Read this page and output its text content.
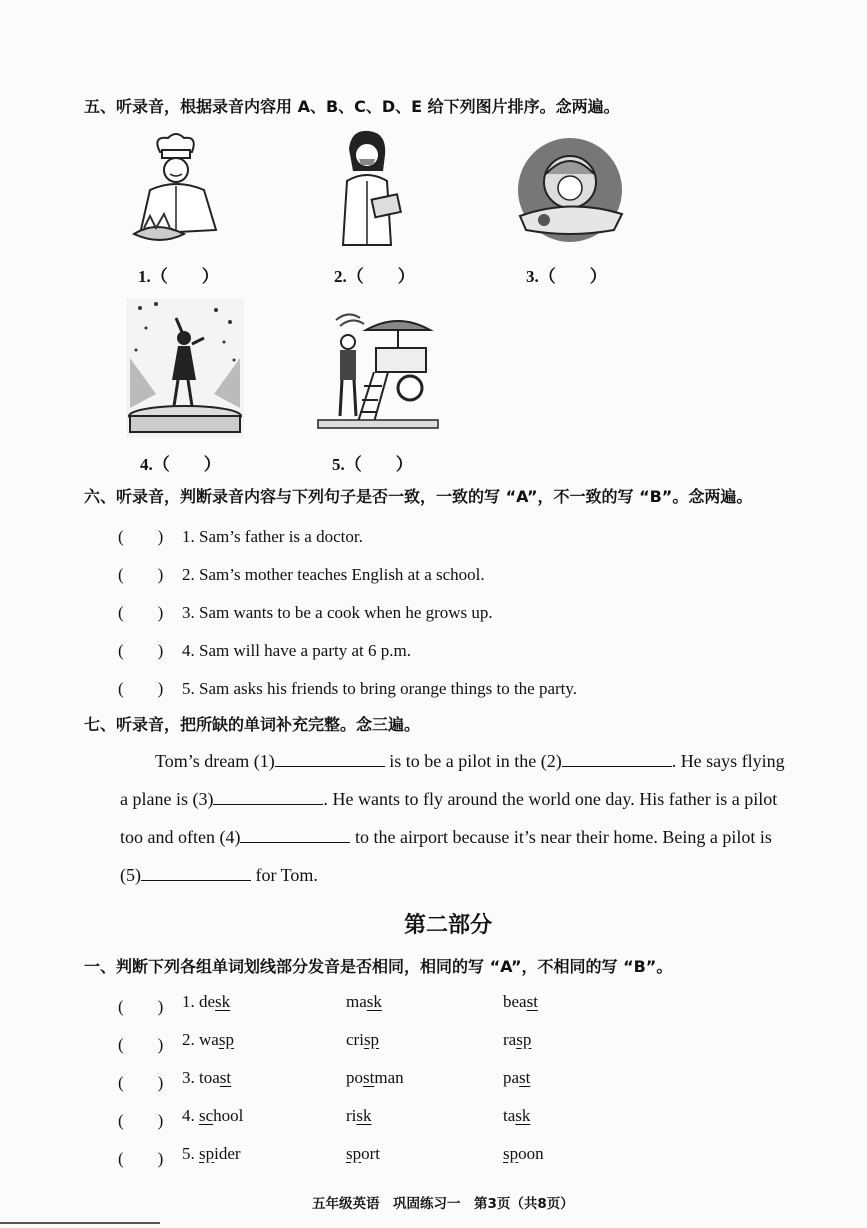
五、听录音，根据录音内容用 A、B、C、D、E 给下列图片排序。念两遍。
1.（　　）	2.（　　）	3.（　　）
4.（　　）	5.（　　）
六、听录音，判断录音内容与下列句子是否一致，一致的写 “A”，不一致的写 “B”。念两遍。
(　　) 1. Sam’s father is a doctor.
(　　) 2. Sam’s mother teaches English at a school.
(　　) 3. Sam wants to be a cook when he grows up.
(　　) 4. Sam will have a party at 6 p.m.
(　　) 5. Sam asks his friends to bring orange things to the party.
七、听录音，把所缺的单词补充完整。念三遍。
Tom’s dream (1)	is to be a pilot in the (2)	. He says flying
a plane is (3)	. He wants to fly around the world one day. His father is a pilot
too and often (4)	to the airport because it’s near their home. Being a pilot is
(5)	for Tom.
第二部分
一、判断下列各组单词划线部分发音是否相同，相同的写 “A”，不相同的写 “B”。
(　　) 1. desk	mask	beast
(　　) 2. wasp	crisp	rasp
(　　) 3. toast	postman	past
(　　) 4. school	risk	task
(　　) 5. spider	sport	spoon
五年级英语　巩固练习一　第3页（共8页）
